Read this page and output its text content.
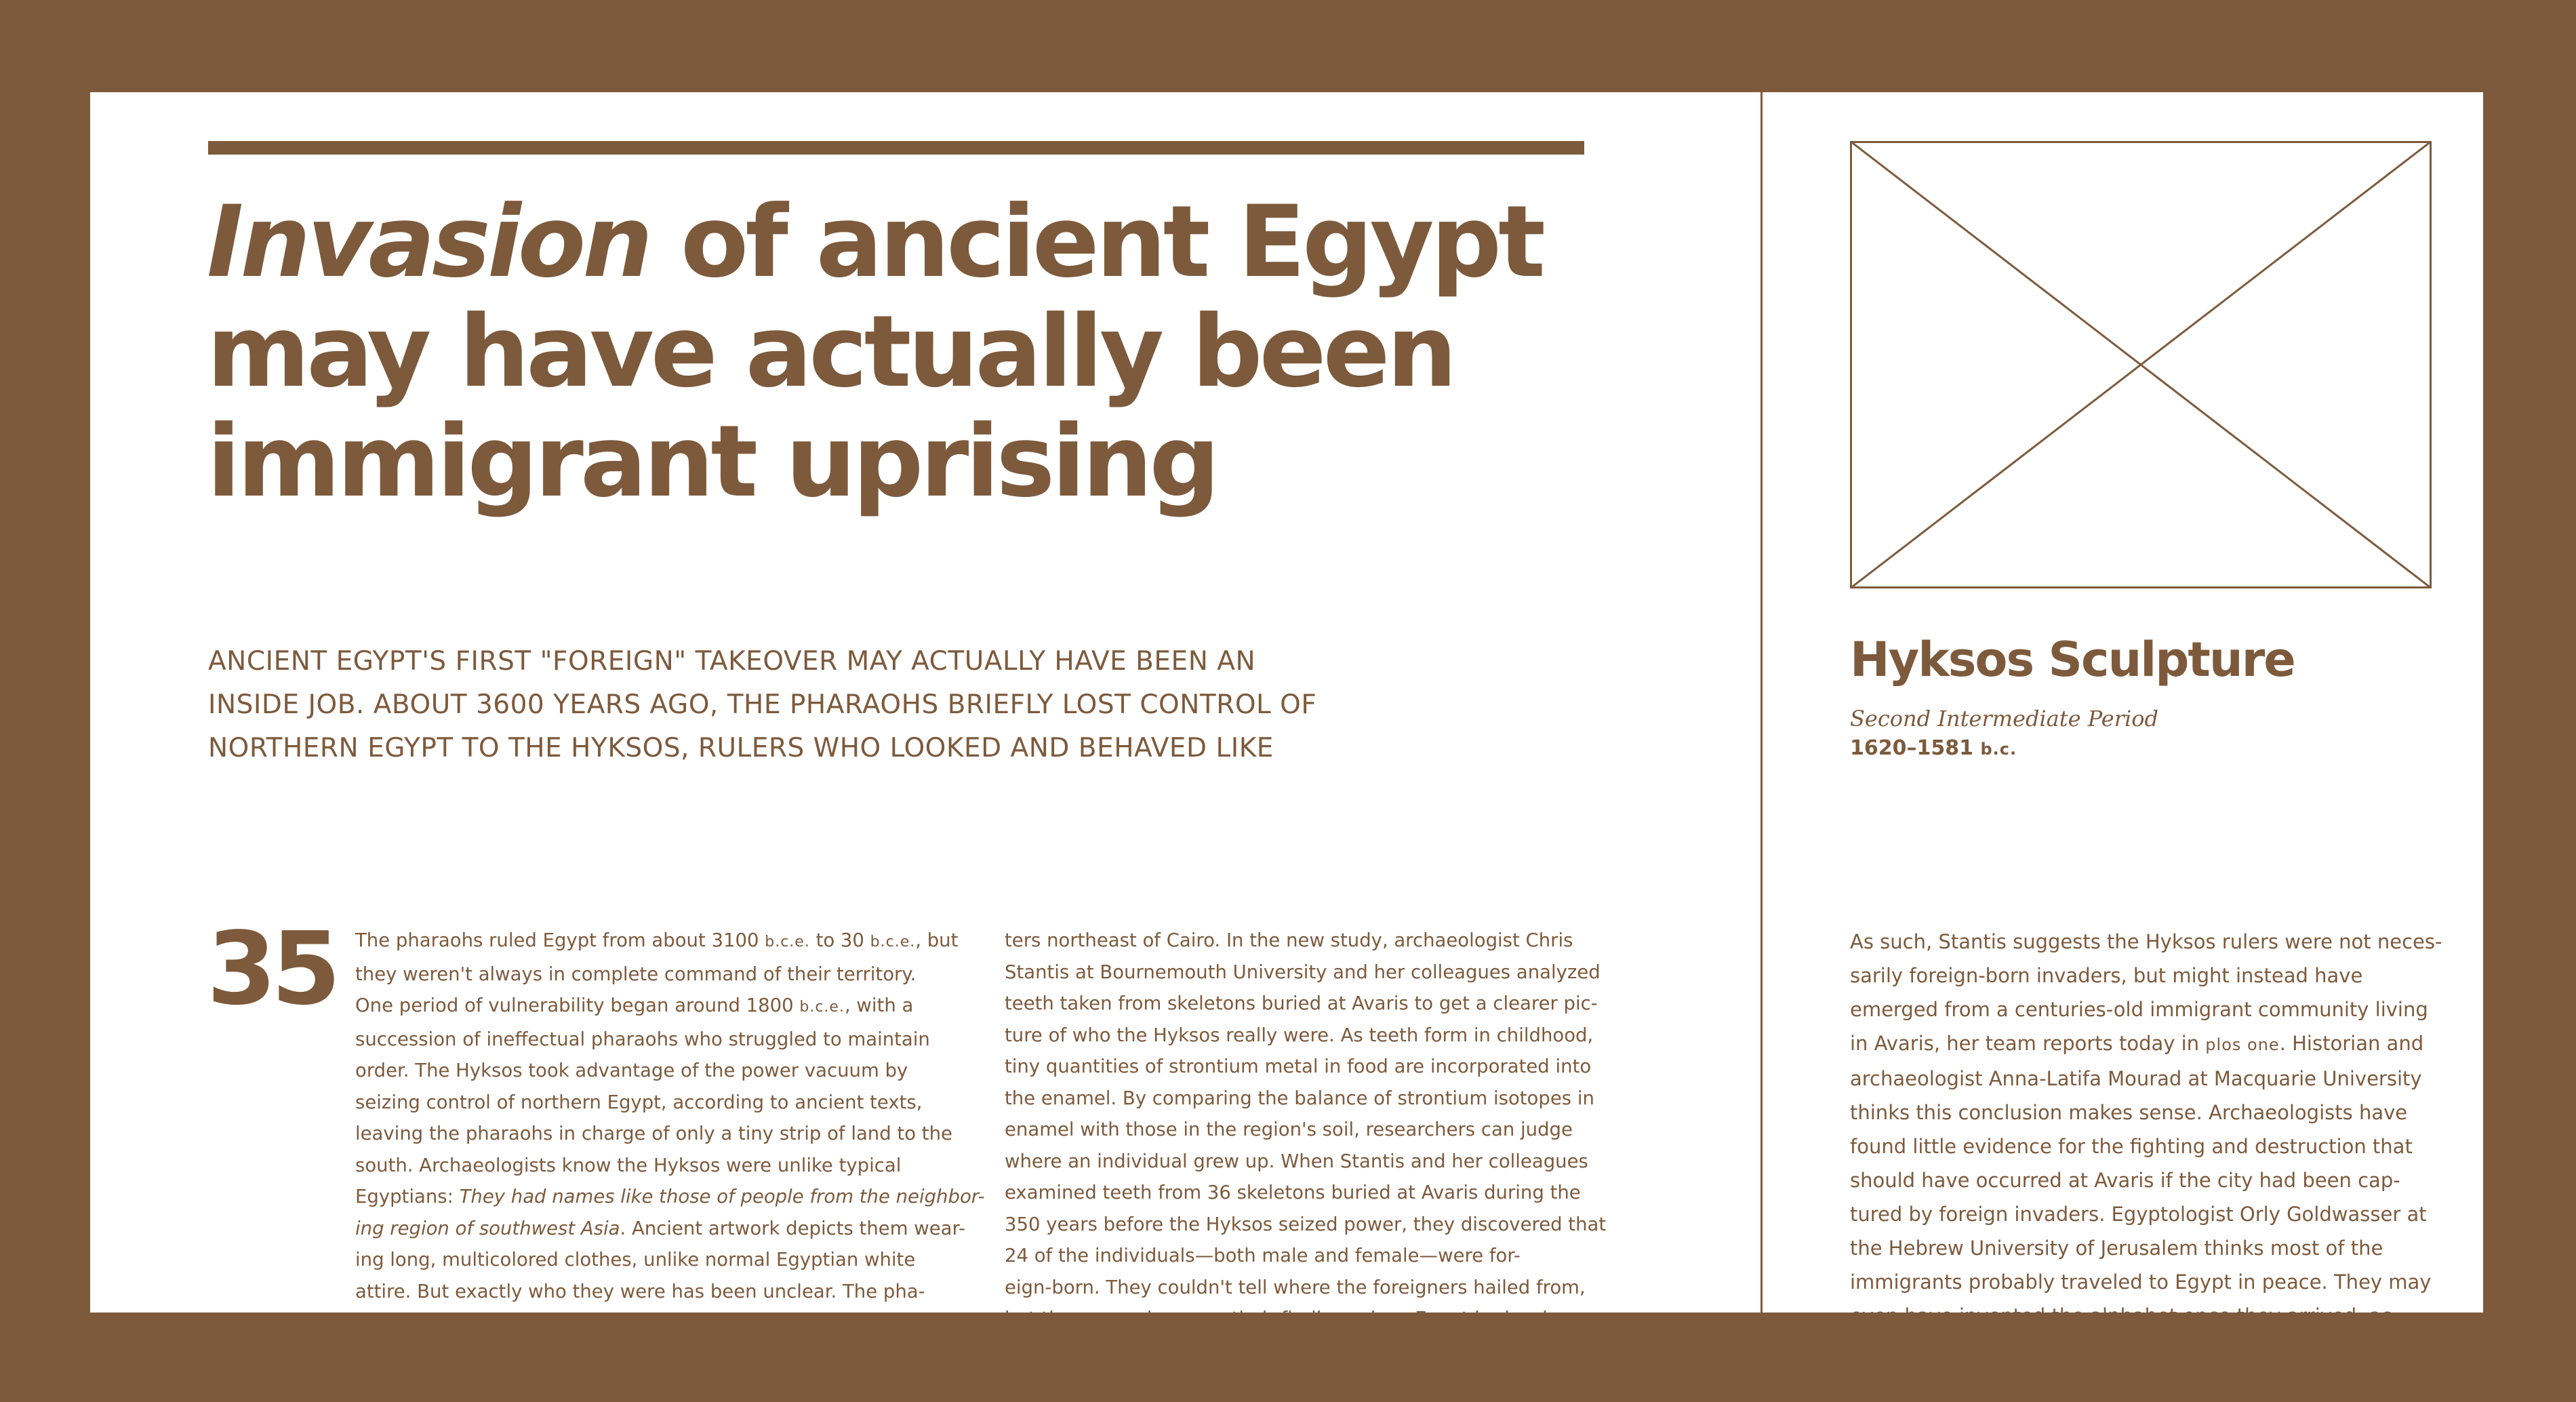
Invasion of ancient Egypt
may have actually been
immigrant uprising

ANCIENT EGYPT'S FIRST "FOREIGN" TAKEOVER MAY ACTUALLY HAVE BEEN AN
INSIDE JOB. ABOUT 3600 YEARS AGO, THE PHARAOHS BRIEFLY LOST CONTROL OF
NORTHERN EGYPT TO THE HYKSOS, RULERS WHO LOOKED AND BEHAVED LIKE

35 The pharaohs ruled Egypt from about 3100 b.c.e. to 30 b.c.e., but
they weren't always in complete command of their territory.
One period of vulnerability began around 1800 b.c.e., with a
succession of ineffectual pharaohs who struggled to maintain
order. The Hyksos took advantage of the power vacuum by
seizing control of northern Egypt, according to ancient texts,
leaving the pharaohs in charge of only a tiny strip of land to the
south. Archaeologists know the Hyksos were unlike typical
Egyptians: They had names like those of people from the neighbor-
ing region of southwest Asia. Ancient artwork depicts them wear-
ing long, multicolored clothes, unlike normal Egyptian white
attire. But exactly who they were has been unclear. The pha-
raohs later claimed the Hyksos were foreign invaders who took
northern Egypt by force and brought disorder and chaos. But
some historians and biologists also doubted Egyptian
ters northeast of Cairo. In the new study, archaeologist Chris
Stantis at Bournemouth University and her colleagues analyzed
teeth taken from skeletons buried at Avaris to get a clearer pic-
ture of who the Hyksos really were. As teeth form in childhood,
tiny quantities of strontium metal in food are incorporated into
the enamel. By comparing the balance of strontium isotopes in
enamel with those in the region's soil, researchers can judge
where an individual grew up. When Stantis and her colleagues
examined teeth from 36 skeletons buried at Avaris during the
350 years before the Hyksos seized power, they discovered that
24 of the individuals—both male and female—were for-
eign-born. They couldn't tell where the foreigners hailed from,
but the researchers say their findings show Egypt had wel-
comed immigrants for hundreds of years before the Hyksos
came to power. Data from the teeth of a further sample buried
Hyksos Sculpture
Second Intermediate Period
1620–1581 b.c.
As such, Stantis suggests the Hyksos rulers were not neces-
sarily foreign-born invaders, but might instead have
emerged from a centuries-old immigrant community living
in Avaris, her team reports today in plos one. Historian and
archaeologist Anna-Latifa Mourad at Macquarie University
thinks this conclusion makes sense. Archaeologists have
found little evidence for the fighting and destruction that
should have occurred at Avaris if the city had been cap-
tured by foreign invaders. Egyptologist Orly Goldwasser at
the Hebrew University of Jerusalem thinks most of the
immigrants probably traveled to Egypt in peace. They may
even have invented the alphabet once they arrived, ac-
cording to her research. Their rise to power is probably ex-
plained by the failings of the pharaohs to control the area
